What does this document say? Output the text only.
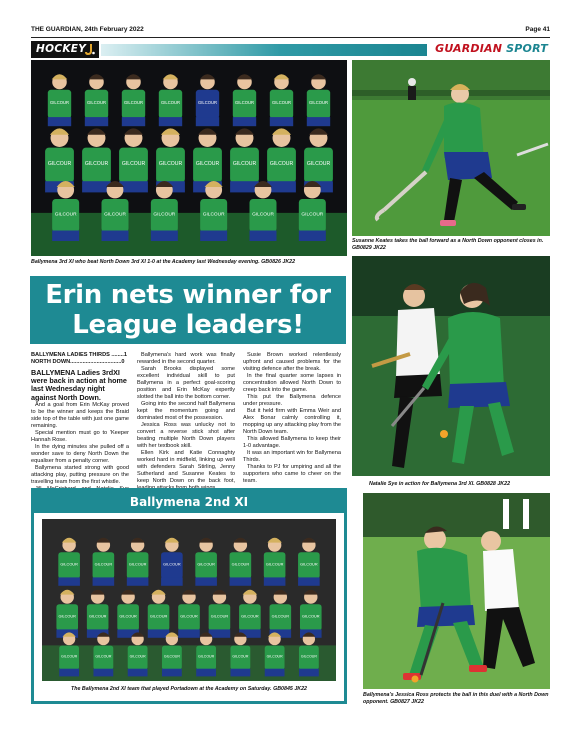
THE GUARDIAN, 24th February 2022	Page 41
HOCKEY	GUARDIAN SPORT
GILCOUR	GILCOUR	GILCOUR	GILCOUR	GILCOUR	GILCOUR	GILCOUR	GILCOUR
GILCOUR	GILCOUR	GILCOUR	GILCOUR	GILCOUR	GILCOUR	GILCOUR	GILCOUR
GILCOUR	GILCOUR	GILCOUR	GILCOUR	GILCOUR	GILCOUR
Ballymena 3rd XI who beat North Down 3rd XI 1-0 at the Academy last Wednesday evening. GB0826 JK22
Susanne Keates takes the ball forward as a North Down opponent closes in. GB0829 JK22
Erin nets winner for
League leaders!
Natalie Sye in action for Ballymena 3rd XI. GB0828 JK22

BALLYMENA LADIES THIRDS ........1

NORTH DOWN.................................0

BALLYMENA Ladies 3rdXI were back in action at home last Wednesday night against North Down.

And a goal from Erin McKay proved to be the winner and keeps the Braid side top of the table with just one game remaining.

Special mention must go to 'Keeper Hannah Rose.

In the dying minutes she pulled off a wonder save to deny North Down the equaliser from a penalty corner.

Ballymena started strong with good attacking play, putting pressure on the travelling team from the first whistle.

Ballymena's hard work was finally rewarded in the second quarter.

Sarah Brooks displayed some excellent individual skill to put Ballymena in a perfect goal-scoring position and Erin McKay expertly slotted the ball into the bottom corner.

Going into the second half Ballymena kept the momentum going and dominated most of the possession.

Jessica Ross was unlucky not to convert a reverse stick shot after beating multiple North Down players with her textbook skill.

Ellen Kirk and Katie Connaghty worked hard in midfield, linking up well with defenders Sarah Stirling, Jenny Sutherland and Susanne Keates to keep North Down on the back foot,

Susie Brown worked relentlessly upfront and caused problems for the visiting defence after the break.

In the final quarter some lapses in concentration allowed North Down to creep back into the game.

This put the Ballymena defence under pressure.

But it held firm with Emma Weir and Alex Bonar calmly controlling it, mopping up any attacking play from the North Down team.

This allowed Ballymena to keep their 1-0 advantage.

It was an important win for Ballymena Thirds.

Thanks to PJ for umpiring and all the supporters who came to cheer on the team.

Ballymena 2nd XI
GILCOUR	GILCOUR	GILCOUR	GILCOUR	GILCOUR	GILCOUR	GILCOUR	GILCOUR
GILCOUR	GILCOUR	GILCOUR	GILCOUR	GILCOUR	GILCOUR	GILCOUR	GILCOUR	GILCOUR
GILCOUR	GILCOUR	GILCOUR	GILCOUR	GILCOUR	GILCOUR	GILCOUR	GILCOUR
The Ballymena 2nd XI team that played Portadown at the Academy on Saturday. GB0845 JK22
Ballymena's Jessica Ross protects the ball in this duel with a North Down opponent. GB0827 JK22
